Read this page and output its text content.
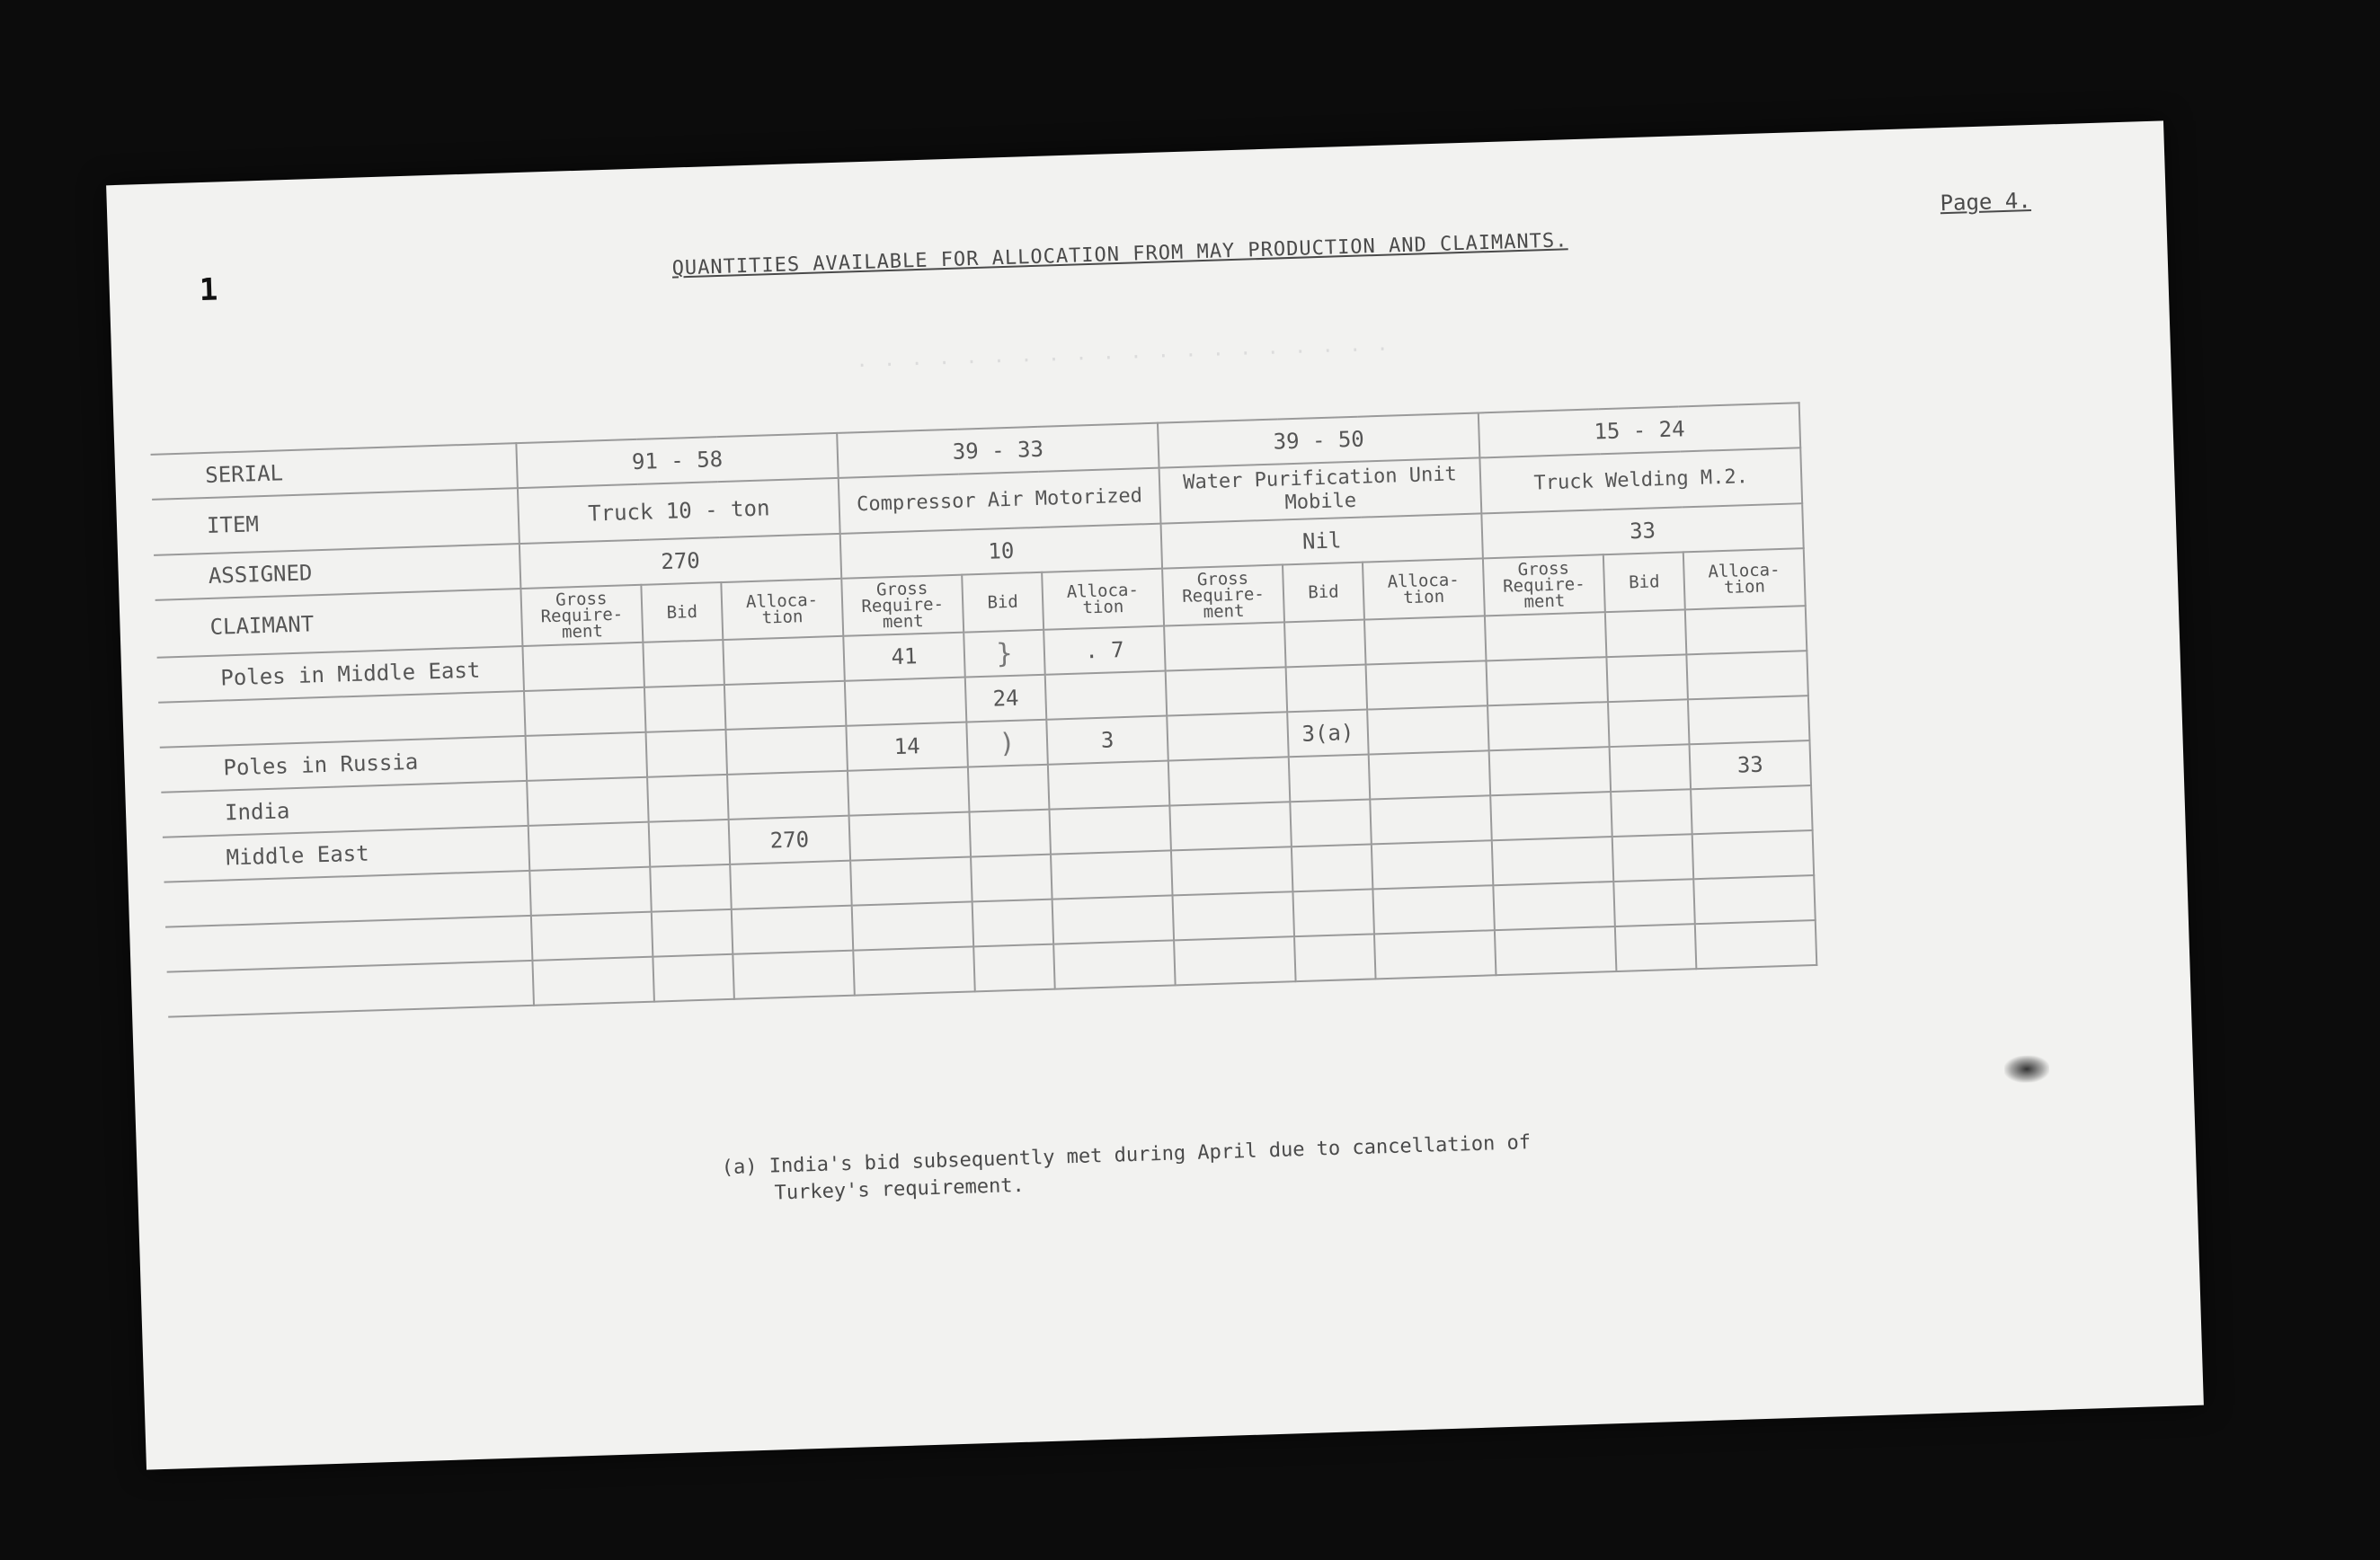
1
QUANTITIES AVAILABLE FOR ALLOCATION FROM MAY PRODUCTION AND CLAIMANTS.
Page 4.
· · · · · · · · · · · · · · · · · · · ·
SERIAL	91 - 58			39 - 33			39 - 50			15 - 24		
ITEM	Truck 10 - ton			Compressor Air Motorized			Water Purification Unit Mobile			Truck Welding M.2.		
ASSIGNED	270			10			Nil			33		
CLAIMANT	Gross Require-ment	Bid	Alloca-tion	Gross Require-ment	Bid	Alloca-tion	Gross Require-ment	Bid	Alloca-tion	Gross Require-ment	Bid	Alloca-tion
Poles in Middle East				41	}	. 7						
					24							
Poles in Russia				14	)	3		3(a)				
India												33
Middle East			270									

(a) India's bid subsequently met during April due to cancellation of
Turkey's requirement.
